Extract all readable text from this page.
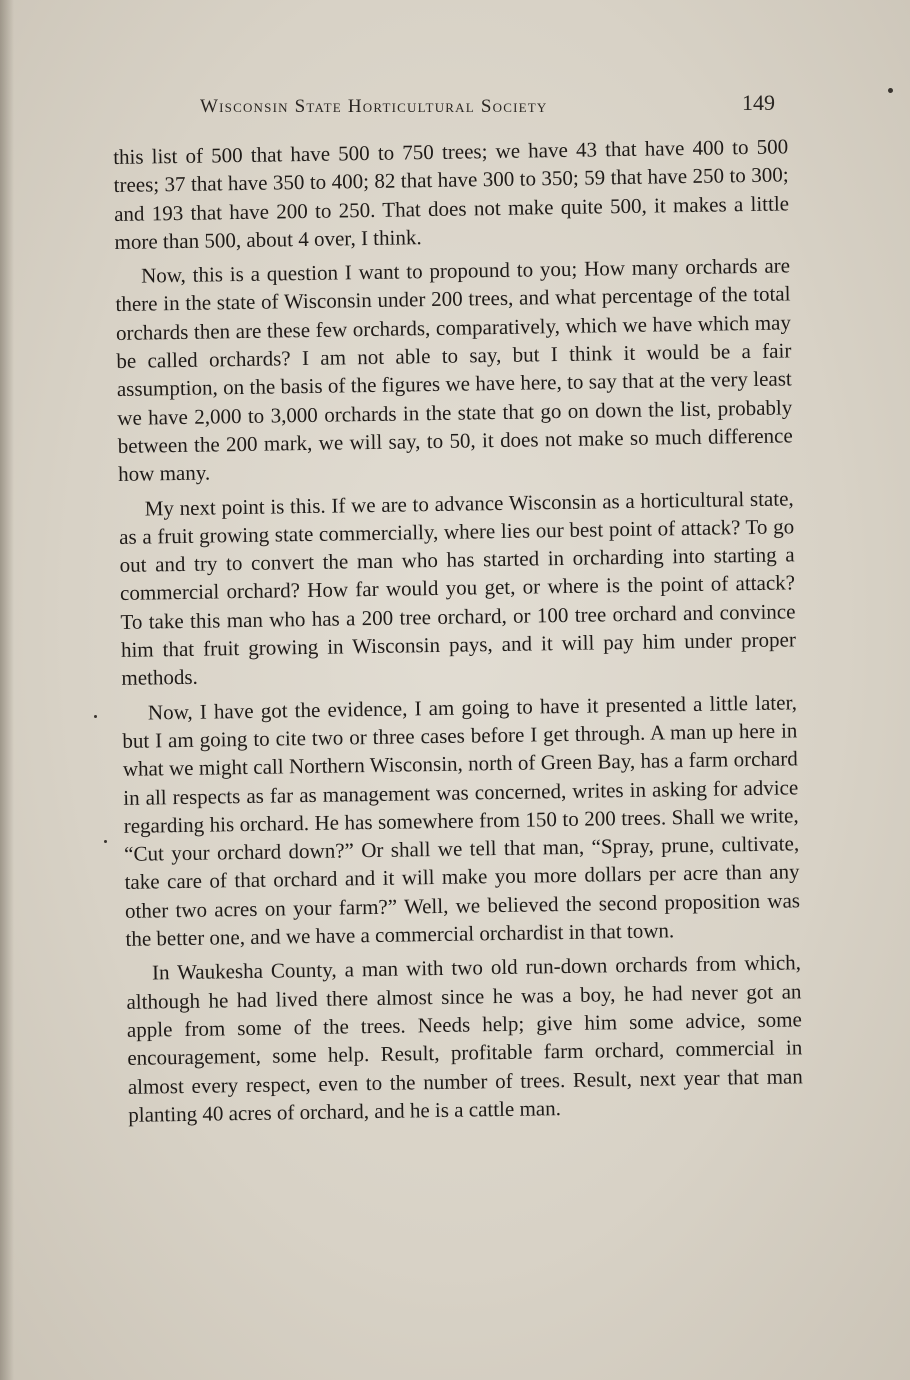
Wisconsin State Horticultural Society	149

this list of 500 that have 500 to 750 trees; we have 43 that have 400 to 500 trees; 37 that have 350 to 400; 82 that have 300 to 350; 59 that have 250 to 300; and 193 that have 200 to 250. That does not make quite 500, it makes a little more than 500, about 4 over, I think.

Now, this is a question I want to propound to you; How many orchards are there in the state of Wisconsin under 200 trees, and what percentage of the total orchards then are these few orchards, comparatively, which we have which may be called orchards? I am not able to say, but I think it would be a fair assumption, on the basis of the figures we have here, to say that at the very least we have 2,000 to 3,000 orchards in the state that go on down the list, probably between the 200 mark, we will say, to 50, it does not make so much difference how many.

My next point is this. If we are to advance Wisconsin as a horticultural state, as a fruit growing state commercially, where lies our best point of attack? To go out and try to convert the man who has started in orcharding into starting a commercial orchard? How far would you get, or where is the point of attack? To take this man who has a 200 tree orchard, or 100 tree orchard and convince him that fruit growing in Wisconsin pays, and it will pay him under proper methods.

Now, I have got the evidence, I am going to have it presented a little later, but I am going to cite two or three cases before I get through. A man up here in what we might call Northern Wisconsin, north of Green Bay, has a farm orchard in all respects as far as management was concerned, writes in asking for advice regarding his orchard. He has somewhere from 150 to 200 trees. Shall we write, “Cut your orchard down?” Or shall we tell that man, “Spray, prune, cultivate, take care of that orchard and it will make you more dollars per acre than any other two acres on your farm?” Well, we believed the second proposition was the better one, and we have a commercial orchardist in that town.

In Waukesha County, a man with two old run-down orchards from which, although he had lived there almost since he was a boy, he had never got an apple from some of the trees. Needs help; give him some advice, some encouragement, some help. Result, profitable farm orchard, commercial in almost every respect, even to the number of trees. Result, next year that man planting 40 acres of orchard, and he is a cattle man.
